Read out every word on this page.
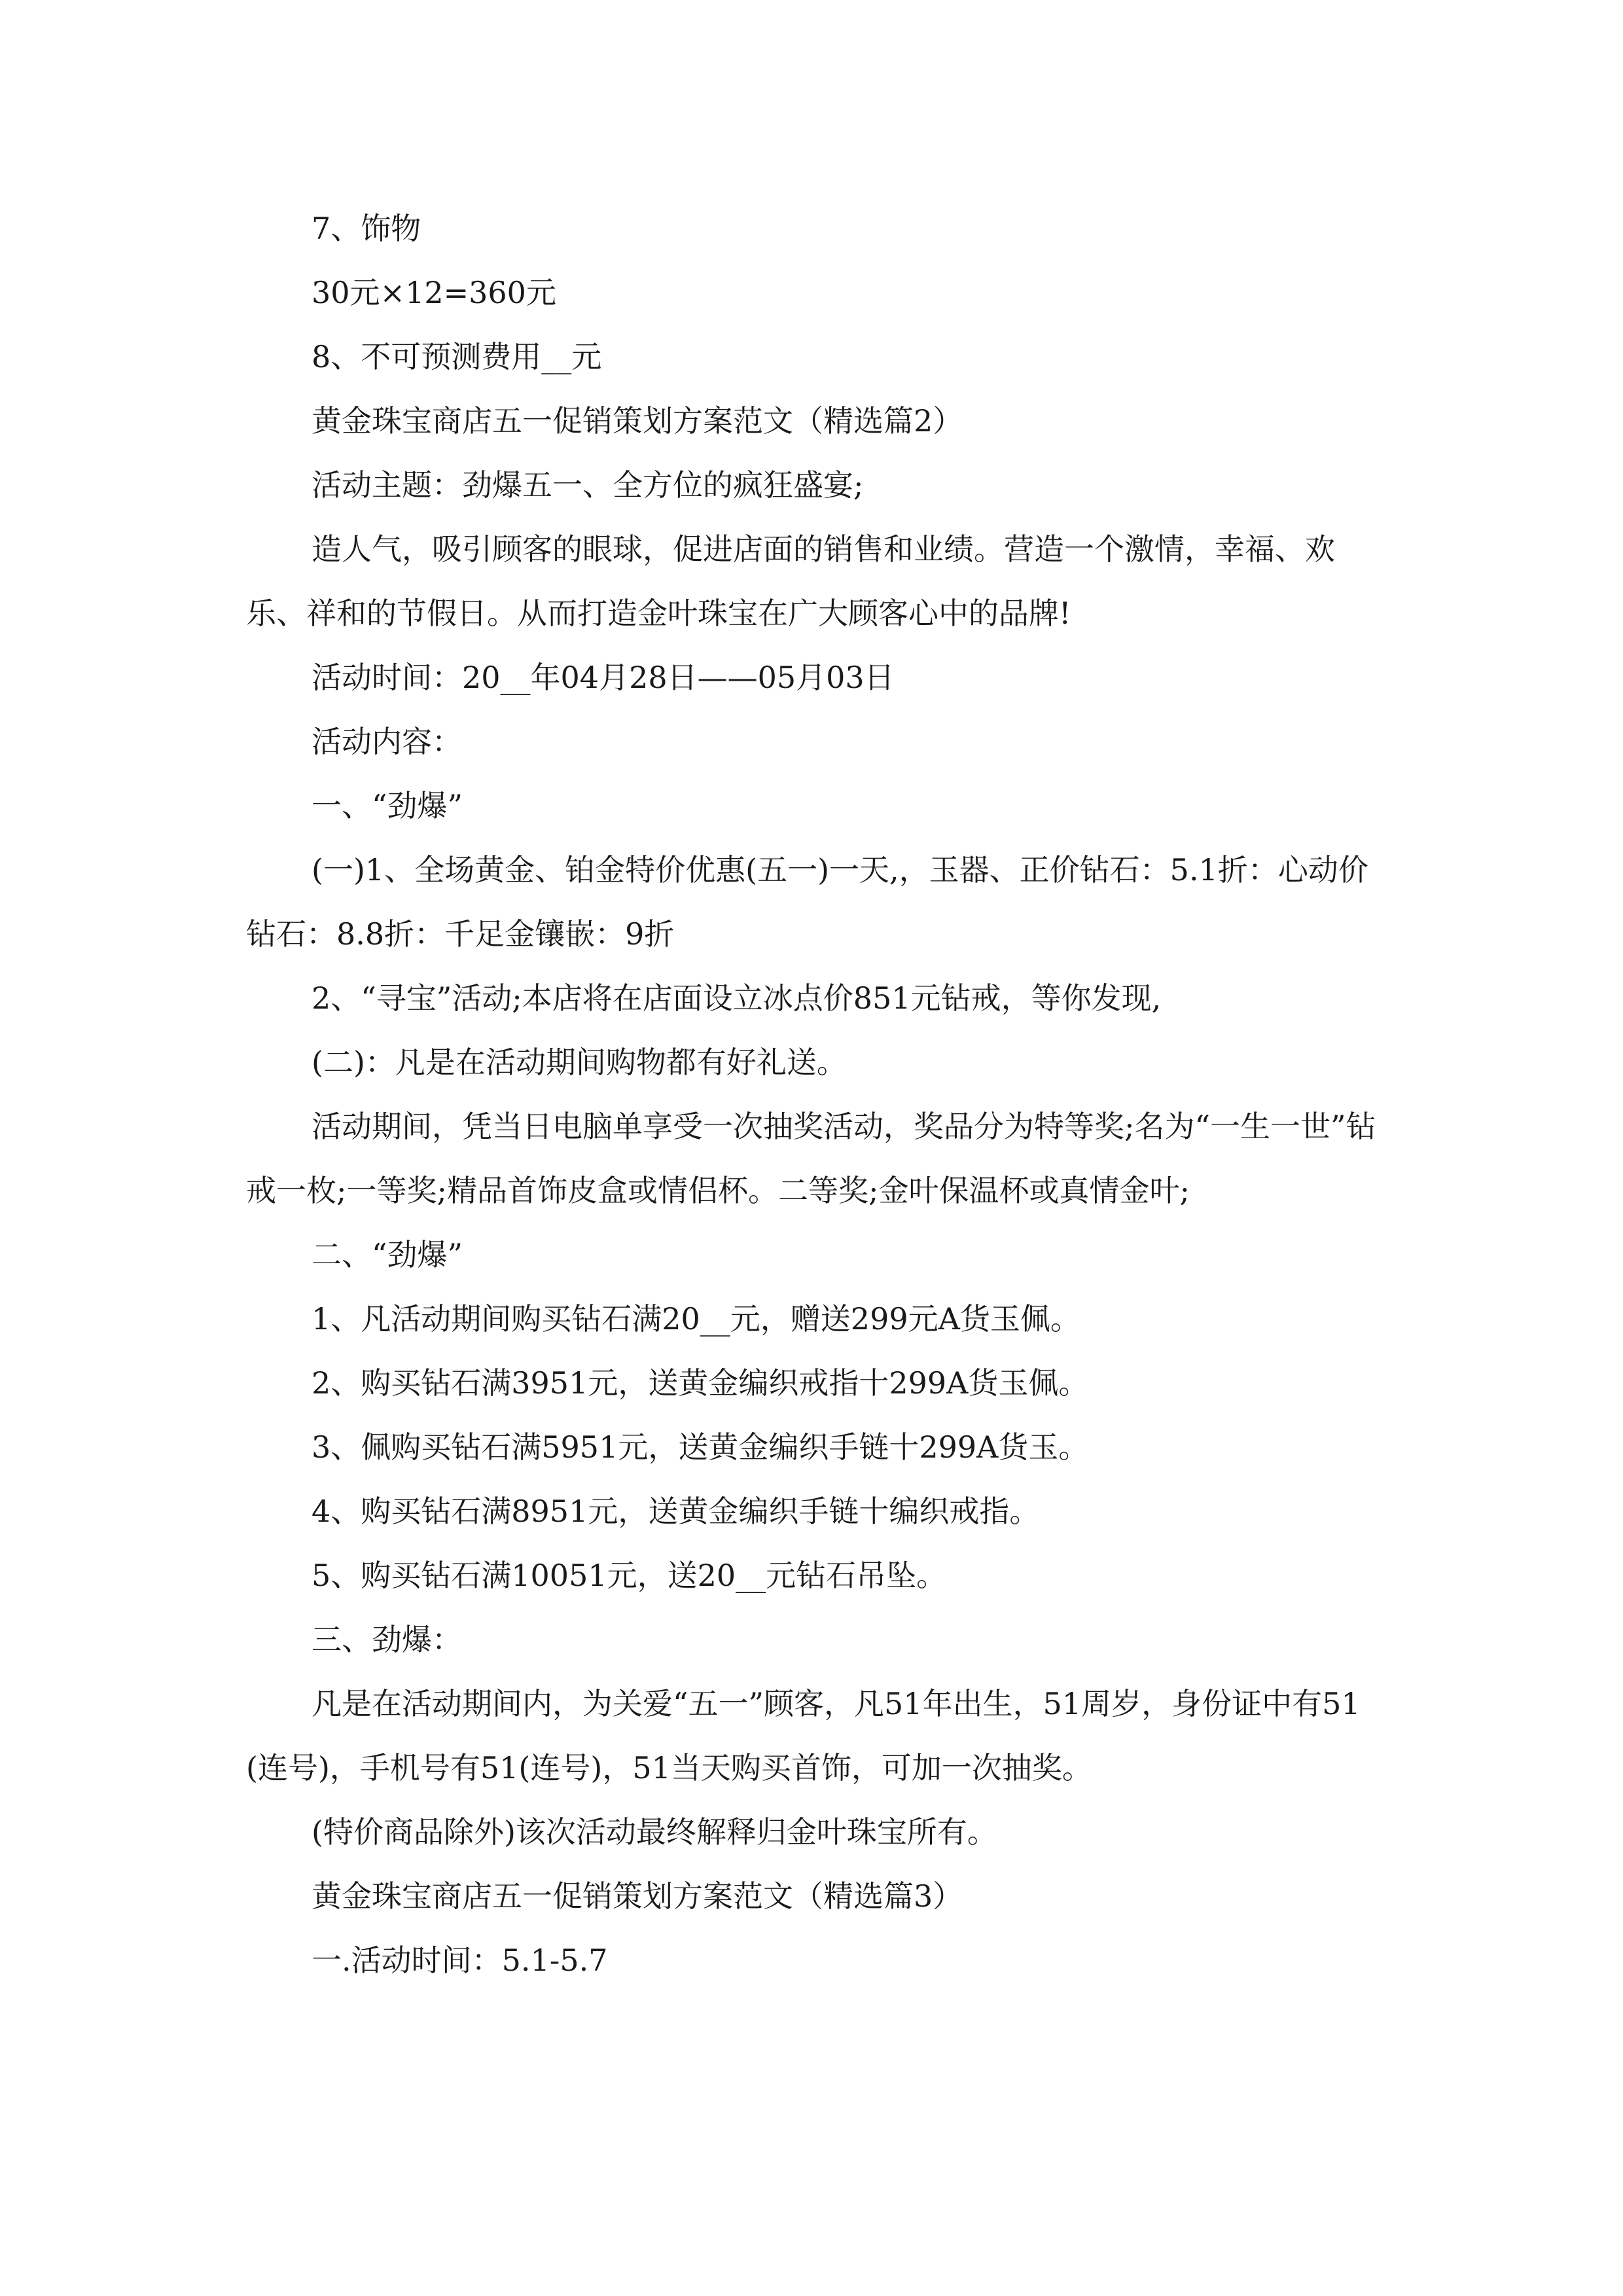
7、饰物

30元×12=360元

8、不可预测费用__元

黄金珠宝商店五一促销策划方案范文（精选篇2）

活动主题：劲爆五一、全方位的疯狂盛宴;

造人气，吸引顾客的眼球，促进店面的销售和业绩。营造一个激情，幸福、欢乐、祥和的节假日。从而打造金叶珠宝在广大顾客心中的品牌!

活动时间：20__年04月28日——05月03日

活动内容：

一、“劲爆”

(一)1、全场黄金、铂金特价优惠(五一)一天,，玉器、正价钻石：5.1折：心动价钻石：8.8折：千足金镶嵌：9折

2、“寻宝”活动;本店将在店面设立冰点价851元钻戒，等你发现,

(二)：凡是在活动期间购物都有好礼送。

活动期间，凭当日电脑单享受一次抽奖活动，奖品分为特等奖;名为“一生一世”钻戒一枚;一等奖;精品首饰皮盒或情侣杯。二等奖;金叶保温杯或真情金叶;

二、“劲爆”

1、凡活动期间购买钻石满20__元，赠送299元A货玉佩。

2、购买钻石满3951元，送黄金编织戒指十299A货玉佩。

3、佩购买钻石满5951元，送黄金编织手链十299A货玉。

4、购买钻石满8951元，送黄金编织手链十编织戒指。

5、购买钻石满10051元，送20__元钻石吊坠。

三、劲爆：

凡是在活动期间内，为关爱“五一”顾客，凡51年出生，51周岁，身份证中有51(连号)，手机号有51(连号)，51当天购买首饰，可加一次抽奖。

(特价商品除外)该次活动最终解释归金叶珠宝所有。

黄金珠宝商店五一促销策划方案范文（精选篇3）

一.活动时间：5.1-5.7
